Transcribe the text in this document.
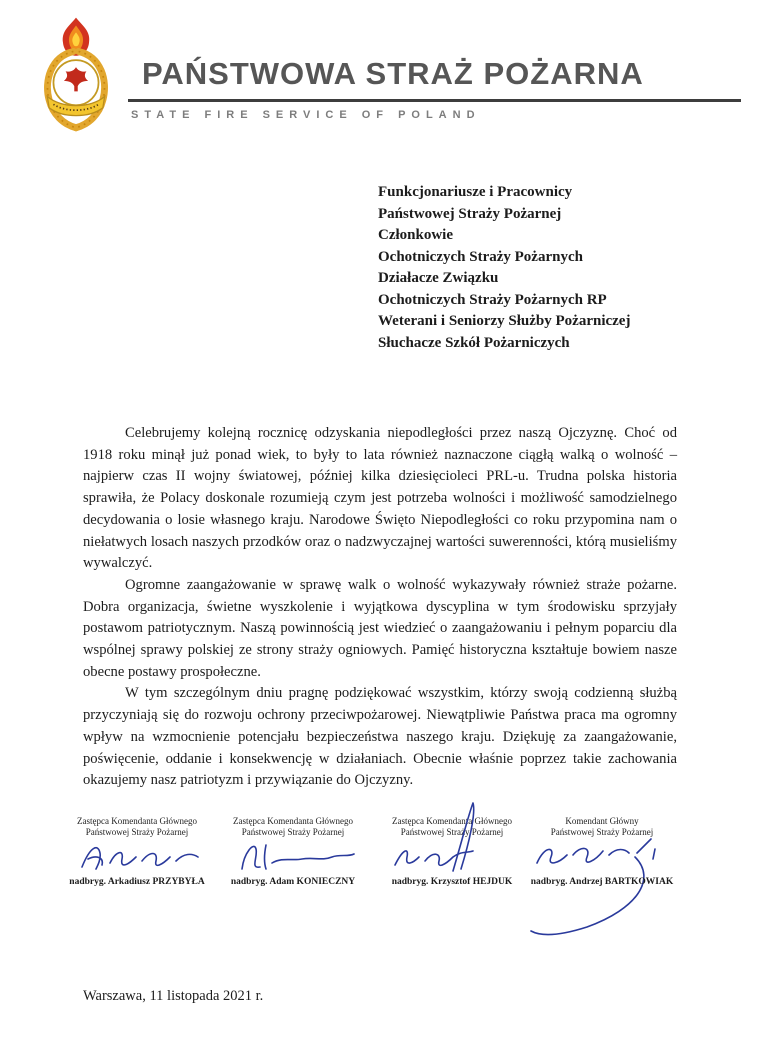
PAŃSTWOWA STRAŻ POŻARNA
STATE FIRE SERVICE OF POLAND

Funkcjonariusze i Pracownicy

Państwowej Straży Pożarnej

Członkowie

Ochotniczych Straży Pożarnych

Działacze Związku

Ochotniczych Straży Pożarnych RP

Weterani i Seniorzy Służby Pożarniczej

Słuchacze Szkół Pożarniczych

Celebrujemy kolejną rocznicę odzyskania niepodległości przez naszą Ojczyznę. Choć od 1918 roku minął już ponad wiek, to były to lata również naznaczone ciągłą walką o wolność – najpierw czas II wojny światowej, później kilka dziesięcioleci PRL-u. Trudna polska historia sprawiła, że Polacy doskonale rozumieją czym jest potrzeba wolności i możliwość samodzielnego decydowania o losie własnego kraju. Narodowe Święto Niepodległości co roku przypomina nam o niełatwych losach naszych przodków oraz o nadzwyczajnej wartości suwerenności, którą musieliśmy wywalczyć.

Ogromne zaangażowanie w sprawę walk o wolność wykazywały również straże pożarne. Dobra organizacja, świetne wyszkolenie i wyjątkowa dyscyplina w tym środowisku sprzyjały postawom patriotycznym. Naszą powinnością jest wiedzieć o zaangażowaniu i pełnym poparciu dla wspólnej sprawy polskiej ze strony straży ogniowych. Pamięć historyczna kształtuje bowiem nasze obecne postawy prospołeczne.

W tym szczególnym dniu pragnę podziękować wszystkim, którzy swoją codzienną służbą przyczyniają się do rozwoju ochrony przeciwpożarowej. Niewątpliwie Państwa praca ma ogromny wpływ na wzmocnienie potencjału bezpieczeństwa naszego kraju. Dziękuję za zaangażowanie, poświęcenie, oddanie i konsekwencję w działaniach. Obecnie właśnie poprzez takie zachowania okazujemy nasz patriotyzm i przywiązanie do Ojczyzny.

Zastępca Komendanta Głównego
Państwowej Straży Pożarnej
nadbryg. Arkadiusz PRZYBYŁA
Zastępca Komendanta Głównego
Państwowej Straży Pożarnej
nadbryg. Adam KONIECZNY
Zastępca Komendanta Głównego
Państwowej Straży Pożarnej
nadbryg. Krzysztof HEJDUK
Komendant Główny
Państwowej Straży Pożarnej
nadbryg. Andrzej BARTKOWIAK
Warszawa, 11 listopada 2021 r.
